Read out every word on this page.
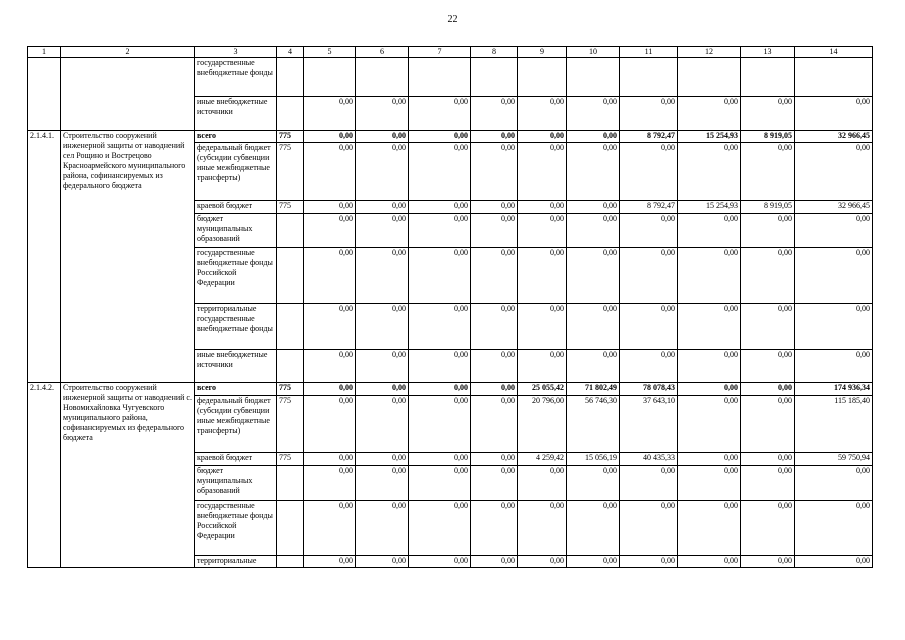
22
1	2	3	4	5	6	7	8	9	10	11	12	13	14
		государственные внебюджетные фонды											
		иные внебюджетные источники		0,00	0,00	0,00	0,00	0,00	0,00	0,00	0,00	0,00	0,00
2.1.4.1.	Строительство сооружений инженерной защиты от наводнений сел Рощино и Вострецово Красноармейского муниципального района, софинансируемых из федерального бюджета	всего	775	0,00	0,00	0,00	0,00	0,00	0,00	8 792,47	15 254,93	8 919,05	32 966,45
		федеральный бюджет (субсидии субвенции иные межбюджетные трансферты)	775	0,00	0,00	0,00	0,00	0,00	0,00	0,00	0,00	0,00	0,00
		краевой бюджет	775	0,00	0,00	0,00	0,00	0,00	0,00	8 792,47	15 254,93	8 919,05	32 966,45
		бюджет муниципальных образований		0,00	0,00	0,00	0,00	0,00	0,00	0,00	0,00	0,00	0,00
		государственные внебюджетные фонды Российской Федерации		0,00	0,00	0,00	0,00	0,00	0,00	0,00	0,00	0,00	0,00
		территориальные государственные внебюджетные фонды		0,00	0,00	0,00	0,00	0,00	0,00	0,00	0,00	0,00	0,00
		иные внебюджетные источники		0,00	0,00	0,00	0,00	0,00	0,00	0,00	0,00	0,00	0,00
2.1.4.2.	Строительство сооружений инженерной защиты от наводнений с. Новомихайловка Чугуевского муниципального района, софинансируемых из федерального бюджета	всего	775	0,00	0,00	0,00	0,00	25 055,42	71 802,49	78 078,43	0,00	0,00	174 936,34
		федеральный бюджет (субсидии субвенции иные межбюджетные трансферты)	775	0,00	0,00	0,00	0,00	20 796,00	56 746,30	37 643,10	0,00	0,00	115 185,40
		краевой бюджет	775	0,00	0,00	0,00	0,00	4 259,42	15 056,19	40 435,33	0,00	0,00	59 750,94
		бюджет муниципальных образований		0,00	0,00	0,00	0,00	0,00	0,00	0,00	0,00	0,00	0,00
		государственные внебюджетные фонды Российской Федерации		0,00	0,00	0,00	0,00	0,00	0,00	0,00	0,00	0,00	0,00
		территориальные		0,00	0,00	0,00	0,00	0,00	0,00	0,00	0,00	0,00	0,00
